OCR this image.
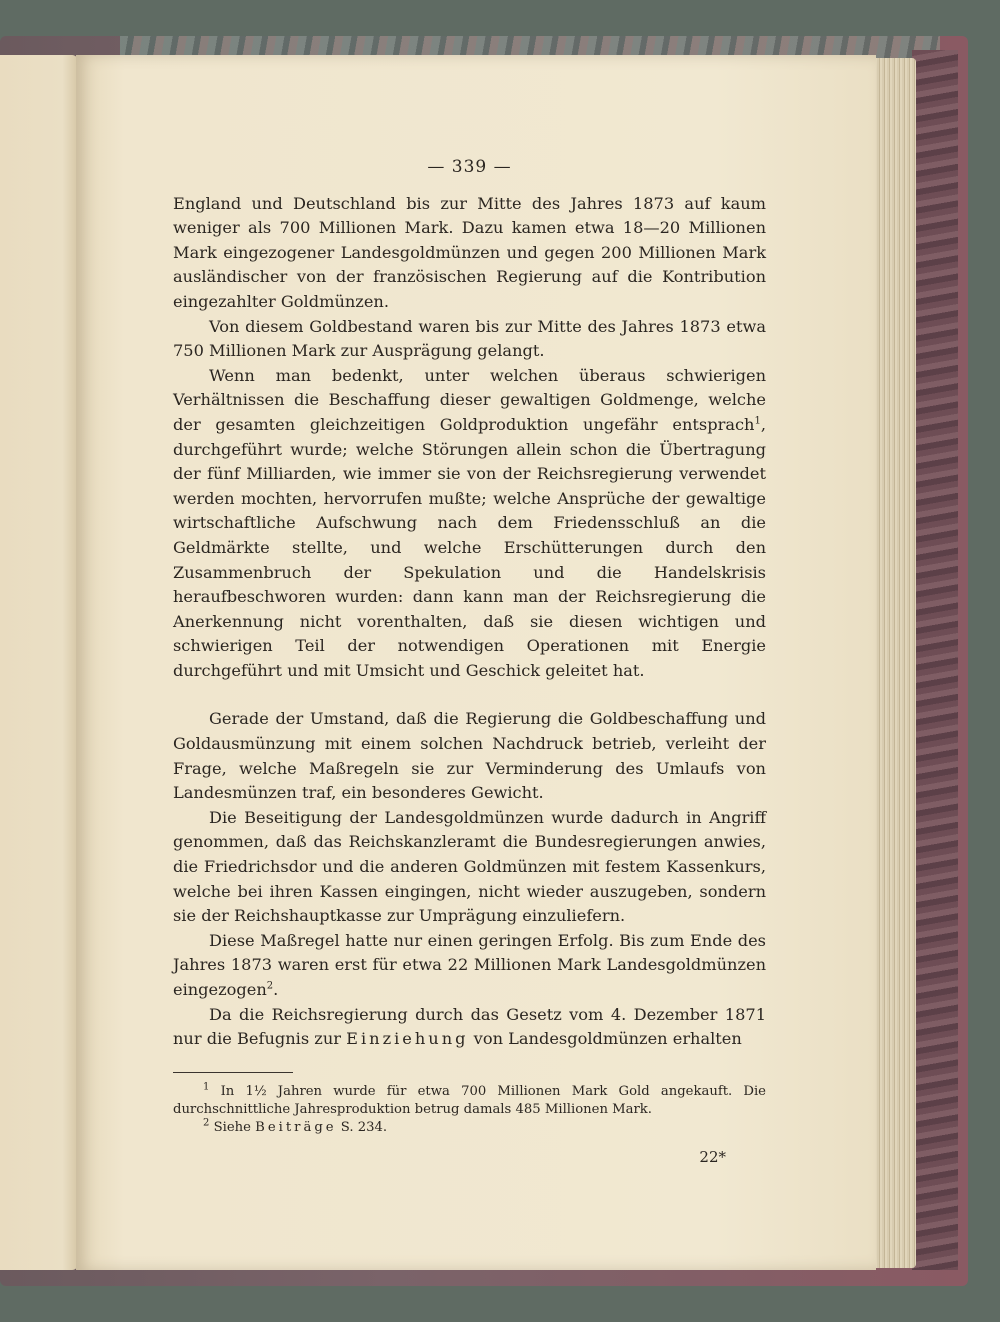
— 339 —

England und Deutschland bis zur Mitte des Jahres 1873 auf kaum weniger als 700 Millionen Mark. Dazu kamen etwa 18—20 Millionen Mark eingezogener Landesgoldmünzen und gegen 200 Millionen Mark ausländischer von der französischen Regierung auf die Kontribution eingezahlter Goldmünzen.

Von diesem Goldbestand waren bis zur Mitte des Jahres 1873 etwa 750 Millionen Mark zur Ausprägung gelangt.

Wenn man bedenkt, unter welchen überaus schwierigen Verhältnissen die Beschaffung dieser gewaltigen Goldmenge, welche der gesamten gleichzeitigen Goldproduktion ungefähr entsprach$^1$, durchgeführt wurde; welche Störungen allein schon die Übertragung der fünf Milliarden, wie immer sie von der Reichsregierung verwendet werden mochten, hervorrufen mußte; welche Ansprüche der gewaltige wirtschaftliche Aufschwung nach dem Friedensschluß an die Geldmärkte stellte, und welche Erschütterungen durch den Zusammenbruch der Spekulation und die Handelskrisis heraufbeschworen wurden: dann kann man der Reichsregierung die Anerkennung nicht vorenthalten, daß sie diesen wichtigen und schwierigen Teil der notwendigen Operationen mit Energie durchgeführt und mit Umsicht und Geschick geleitet hat.

Gerade der Umstand, daß die Regierung die Goldbeschaffung und Goldausmünzung mit einem solchen Nachdruck betrieb, verleiht der Frage, welche Maßregeln sie zur Verminderung des Umlaufs von Landesmünzen traf, ein besonderes Gewicht.

Die Beseitigung der Landesgoldmünzen wurde dadurch in Angriff genommen, daß das Reichskanzleramt die Bundesregierungen anwies, die Friedrichsdor und die anderen Goldmünzen mit festem Kassenkurs, welche bei ihren Kassen eingingen, nicht wieder auszugeben, sondern sie der Reichshauptkasse zur Umprägung einzuliefern.

Diese Maßregel hatte nur einen geringen Erfolg. Bis zum Ende des Jahres 1873 waren erst für etwa 22 Millionen Mark Landesgoldmünzen eingezogen$^2$.

Da die Reichsregierung durch das Gesetz vom 4. Dezember 1871 nur die Befugnis zur Einziehung von Landesgoldmünzen erhalten

$^1$ In 1½ Jahren wurde für etwa 700 Millionen Mark Gold angekauft. Die durchschnittliche Jahresproduktion betrug damals 485 Millionen Mark.

$^2$ Siehe Beiträge S. 234.

22*
